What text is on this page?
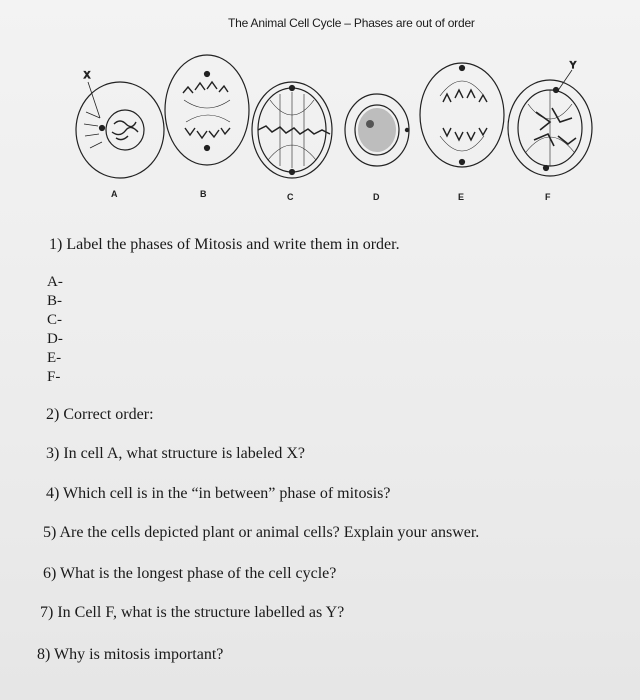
The Animal Cell Cycle – Phases are out of order
X
Y
A	B	C	D	E	F
1) Label the phases of Mitosis and write them in order.
A-
B-
C-
D-
E-
F-
2) Correct order:
3) In cell A, what structure is labeled X?
4) Which cell is in the “in between” phase of mitosis?
5) Are the cells depicted plant or animal cells? Explain your answer.
6) What is the longest phase of the cell cycle?
7) In Cell F, what is the structure labelled as Y?
8) Why is mitosis important?
